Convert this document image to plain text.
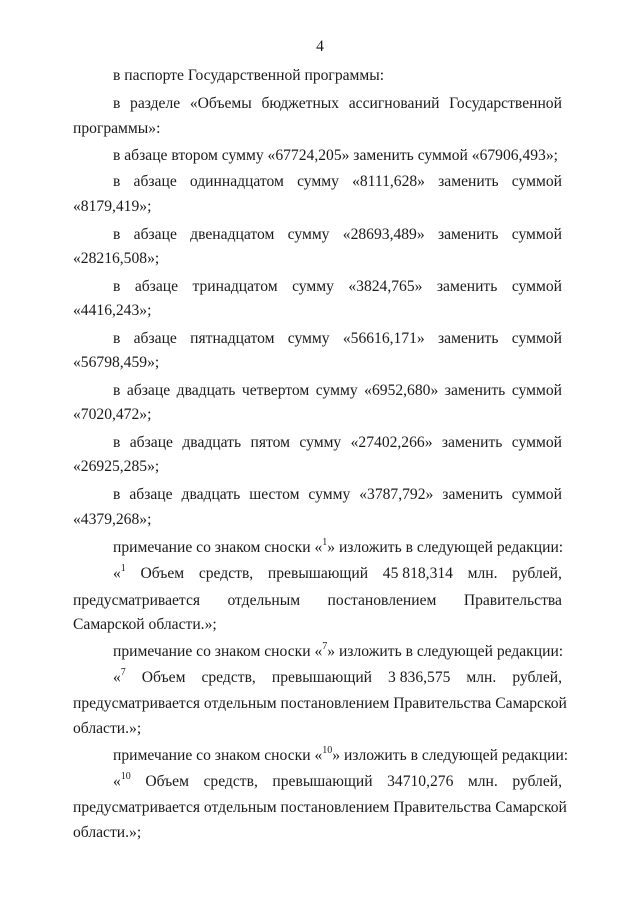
4
в паспорте Государственной программы:
в разделе «Объемы бюджетных ассигнований Государственной
программы»:
в абзаце втором сумму «67724,205» заменить суммой «67906,493»;
в абзаце одиннадцатом сумму «8111,628» заменить суммой
«8179,419»;
в абзаце двенадцатом сумму «28693,489» заменить суммой
«28216,508»;
в абзаце тринадцатом сумму «3824,765» заменить суммой
«4416,243»;
в абзаце пятнадцатом сумму «56616,171» заменить суммой
«56798,459»;
в абзаце двадцать четвертом сумму «6952,680» заменить суммой
«7020,472»;
в абзаце двадцать пятом сумму «27402,266» заменить суммой
«26925,285»;
в абзаце двадцать шестом сумму «3787,792» заменить суммой
«4379,268»;
примечание со знаком сноски «$^1$» изложить в следующей редакции:
«$^1$ Объем средств, превышающий 45 818,314 млн. рублей,
предусматривается отдельным постановлением Правительства
Самарской области.»;
примечание со знаком сноски «$^7$» изложить в следующей редакции:
«$^7$ Объем средств, превышающий 3 836,575 млн. рублей,
предусматривается отдельным постановлением Правительства Самарской
области.»;
примечание со знаком сноски «$^{10}$» изложить в следующей редакции:
«$^{10}$ Объем средств, превышающий 34710,276 млн. рублей,
предусматривается отдельным постановлением Правительства Самарской
области.»;
